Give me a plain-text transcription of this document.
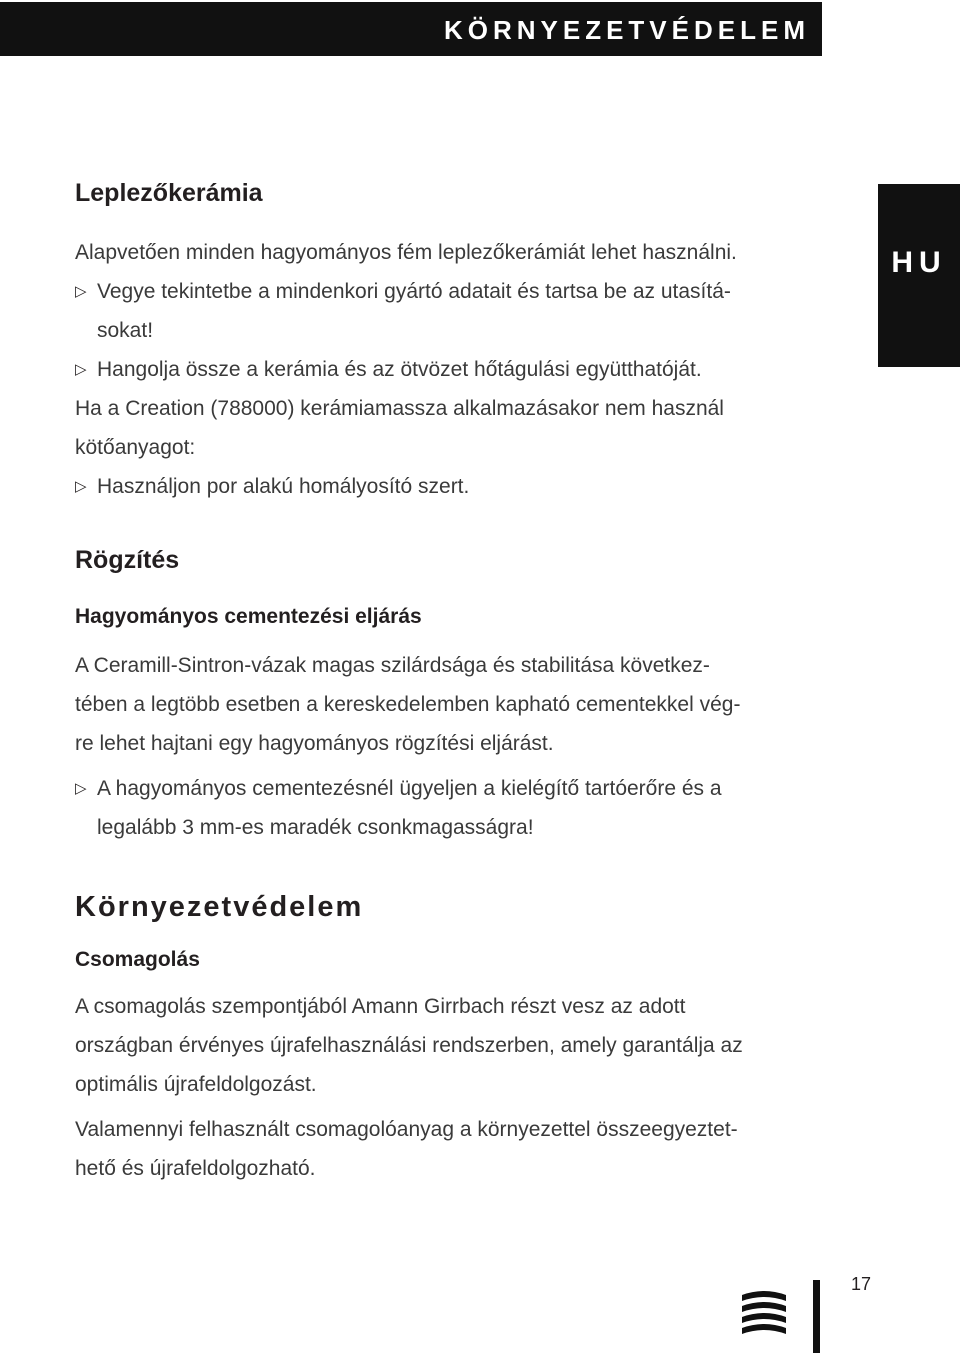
KÖRNYEZETVÉDELEM
HU
Leplezőkerámia

Alapvetően minden hagyományos fém leplezőkerámiát lehet használni.

▷ Vegye tekintetbe a mindenkori gyártó adatait és tartsa be az utasítá-
sokat!
▷ Hangolja össze a kerámia és az ötvözet hőtágulási együtthatóját.

Ha a Creation (788000) kerámiamassza alkalmazásakor nem használ
kötőanyagot:

▷ Használjon por alakú homályosító szert.
Rögzítés
Hagyományos cementezési eljárás

A Ceramill-Sintron-vázak magas szilárdsága és stabilitása következ-
tében a legtöbb esetben a kereskedelemben kapható cementekkel vég-
re lehet hajtani egy hagyományos rögzítési eljárást.

▷ A hagyományos cementezésnél ügyeljen a kielégítő tartóerőre és a
legalább 3 mm-es maradék csonkmagasságra!
Környezetvédelem
Csomagolás

A csomagolás szempontjából Amann Girrbach részt vesz az adott
országban érvényes újrafelhasználási rendszerben, amely garantálja az
optimális újrafeldolgozást.

Valamennyi felhasznált csomagolóanyag a környezettel összeegyeztet-
hető és újrafeldolgozható.

17
